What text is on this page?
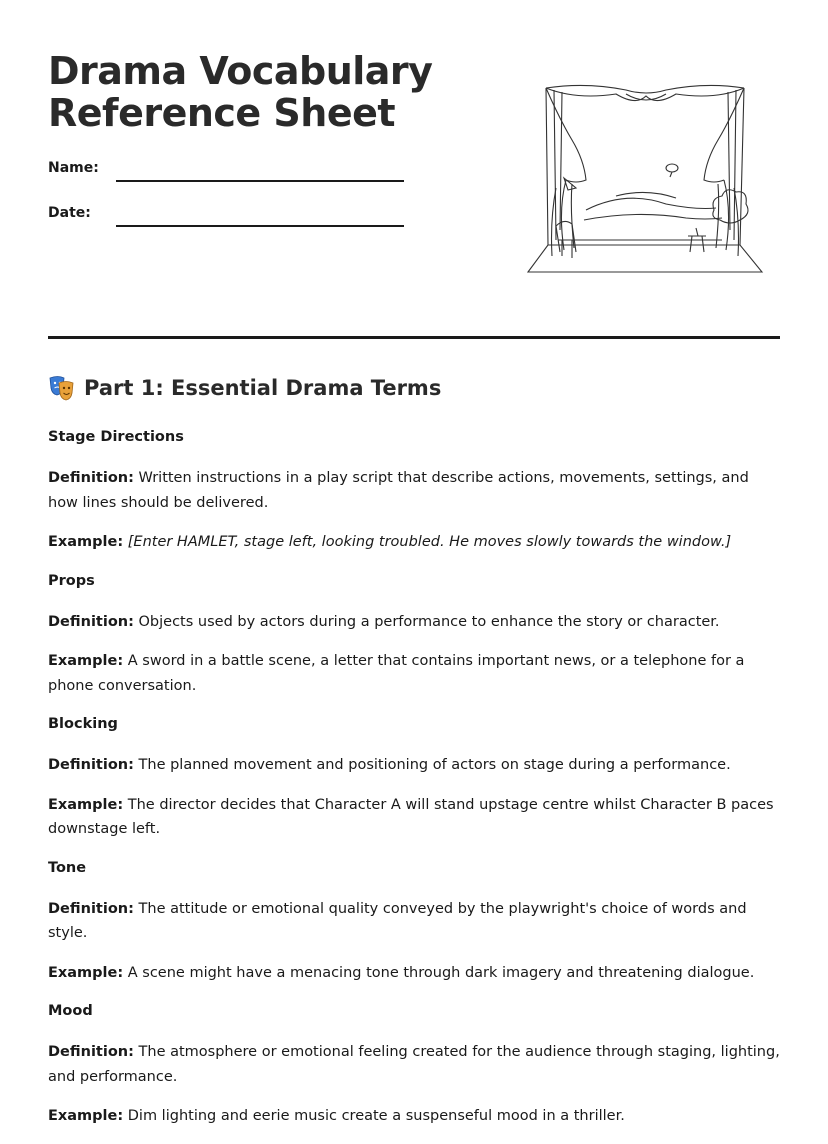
Drama Vocabulary
Reference Sheet
Name:
Date:
Part 1: Essential Drama Terms

Stage Directions

Definition: Written instructions in a play script that describe actions, movements, settings, and how lines should be delivered.

Example: [Enter HAMLET, stage left, looking troubled. He moves slowly towards the window.]

Props

Definition: Objects used by actors during a performance to enhance the story or character.

Example: A sword in a battle scene, a letter that contains important news, or a telephone for a phone conversation.

Blocking

Definition: The planned movement and positioning of actors on stage during a performance.

Example: The director decides that Character A will stand upstage centre whilst Character B paces downstage left.

Tone

Definition: The attitude or emotional quality conveyed by the playwright's choice of words and style.

Example: A scene might have a menacing tone through dark imagery and threatening dialogue.

Mood

Definition: The atmosphere or emotional feeling created for the audience through staging, lighting, and performance.

Example: Dim lighting and eerie music create a suspenseful mood in a thriller.
